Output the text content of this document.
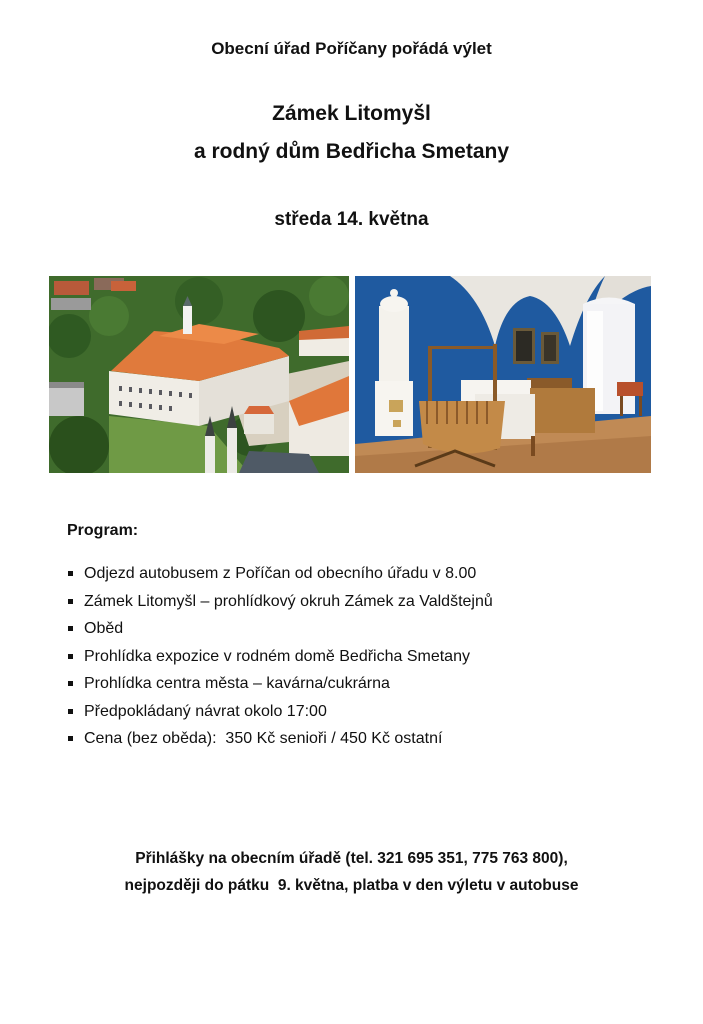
Obecní úřad Poříčany pořádá výlet
Zámek Litomyšl
a rodný dům Bedřicha Smetany
středa 14. května
Program:
Odjezd autobusem z Poříčan od obecního úřadu v 8.00
Zámek Litomyšl – prohlídkový okruh Zámek za Valdštejnů
Oběd
Prohlídka expozice v rodném domě Bedřicha Smetany
Prohlídka centra města – kavárna/cukrárna
Předpokládaný návrat okolo 17:00
Cena (bez oběda):  350 Kč senioři / 450 Kč ostatní
Přihlášky na obecním úřadě (tel. 321 695 351, 775 763 800),
nejpozději do pátku  9. května, platba v den výletu v autobuse
